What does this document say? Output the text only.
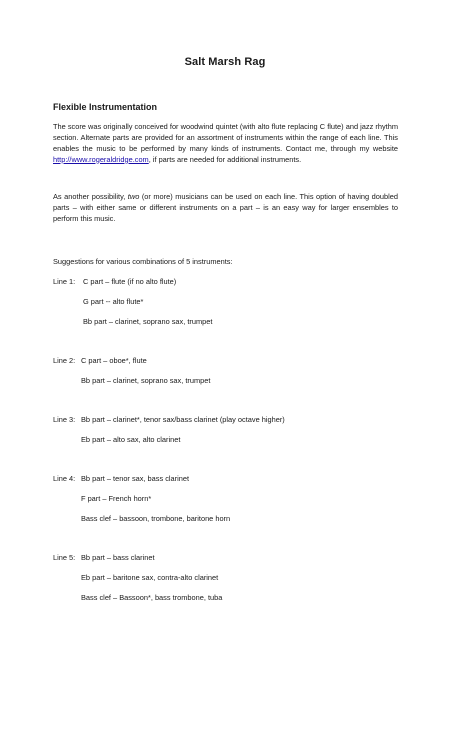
Salt Marsh Rag
Flexible Instrumentation
The score was originally conceived for woodwind quintet (with alto flute replacing C flute) and jazz rhythm section. Alternate parts are provided for an assortment of instruments within the range of each line. This enables the music to be performed by many kinds of instruments. Contact me, through my website http://www.rogeraldridge.com, if parts are needed for additional instruments.
As another possibility, two (or more) musicians can be used on each line. This option of having doubled parts – with either same or different instruments on a part – is an easy way for larger ensembles to perform this music.
Suggestions for various combinations of 5 instruments:
Line 1: C part – flute (if no alto flute)
G part -- alto flute*
Bb part – clarinet, soprano sax, trumpet
Line 2: C part – oboe*, flute
Bb part – clarinet, soprano sax, trumpet
Line 3: Bb part – clarinet*, tenor sax/bass clarinet (play octave higher)
Eb part – alto sax, alto clarinet
Line 4: Bb part – tenor sax, bass clarinet
F part – French horn*
Bass clef – bassoon, trombone, baritone horn
Line 5: Bb part – bass clarinet
Eb part – baritone sax, contra-alto clarinet
Bass clef – Bassoon*, bass trombone, tuba
